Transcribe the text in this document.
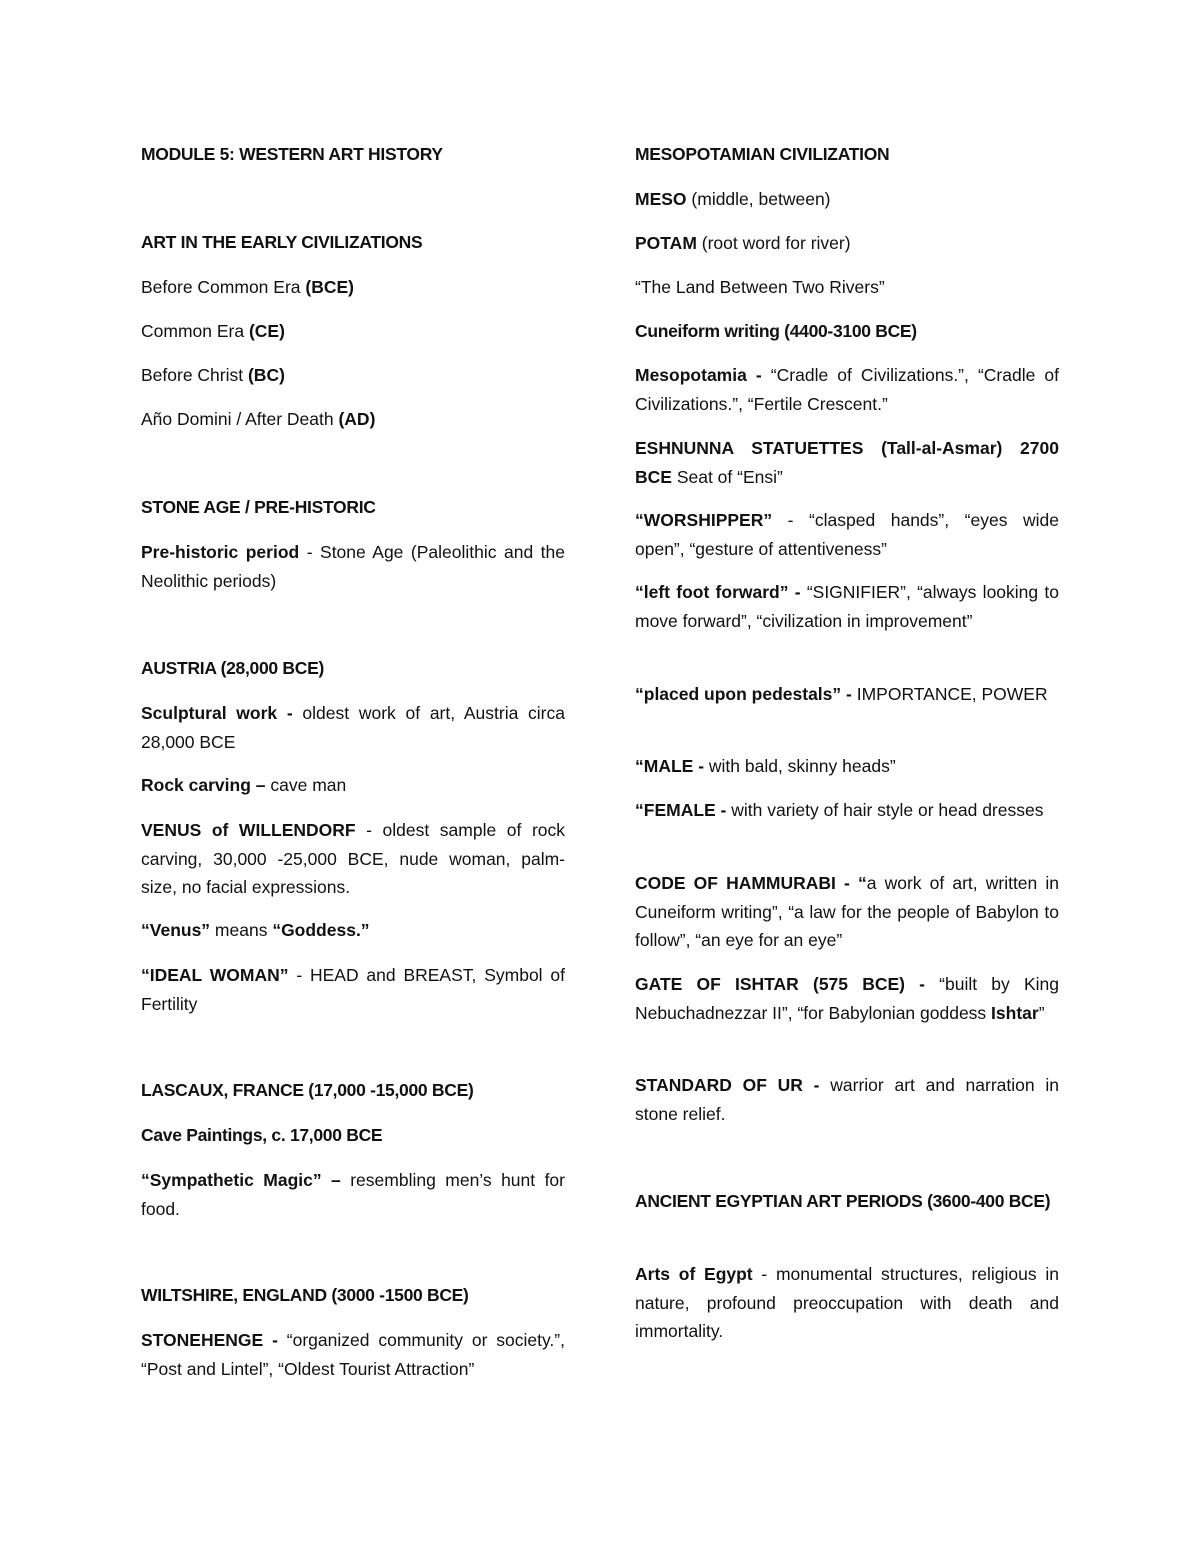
MODULE 5: WESTERN ART HISTORY

ART IN THE EARLY CIVILIZATIONS

Before Common Era (BCE)

Common Era (CE)

Before Christ (BC)

Año Domini / After Death (AD)

STONE AGE / PRE-HISTORIC

Pre-historic period - Stone Age (Paleolithic and the Neolithic periods)

AUSTRIA (28,000 BCE)

Sculptural work - oldest work of art, Austria circa 28,000 BCE

Rock carving – cave man

VENUS of WILLENDORF - oldest sample of rock carving, 30,000 -25,000 BCE, nude woman, palm-size, no facial expressions.

“Venus” means “Goddess.”

“IDEAL WOMAN” - HEAD and BREAST, Symbol of Fertility

LASCAUX, FRANCE (17,000 -15,000 BCE)

Cave Paintings, c. 17,000 BCE

“Sympathetic Magic” – resembling men’s hunt for food.

WILTSHIRE, ENGLAND (3000 -1500 BCE)

STONEHENGE - “organized community or society.”, “Post and Lintel”, “Oldest Tourist Attraction”

MESOPOTAMIAN CIVILIZATION

MESO (middle, between)

POTAM (root word for river)

“The Land Between Two Rivers”

Cuneiform writing (4400-3100 BCE)

Mesopotamia - “Cradle of Civilizations.”, “Cradle of Civilizations.”, “Fertile Crescent.”

ESHNUNNA STATUETTES (Tall-al-Asmar) 2700 BCE Seat of “Ensi”

“WORSHIPPER” - “clasped hands”, “eyes wide open”, “gesture of attentiveness”

“left foot forward” - “SIGNIFIER”, “always looking to move forward”, “civilization in improvement”

“placed upon pedestals” - IMPORTANCE, POWER

“MALE - with bald, skinny heads”

“FEMALE - with variety of hair style or head dresses

CODE OF HAMMURABI - “a work of art, written in Cuneiform writing”, “a law for the people of Babylon to follow”, “an eye for an eye”

GATE OF ISHTAR (575 BCE) - “built by King Nebuchadnezzar II”, “for Babylonian goddess Ishtar”

STANDARD OF UR - warrior art and narration in stone relief.

ANCIENT EGYPTIAN ART PERIODS (3600-400 BCE)

Arts of Egypt - monumental structures, religious in nature, profound preoccupation with death and immortality.
